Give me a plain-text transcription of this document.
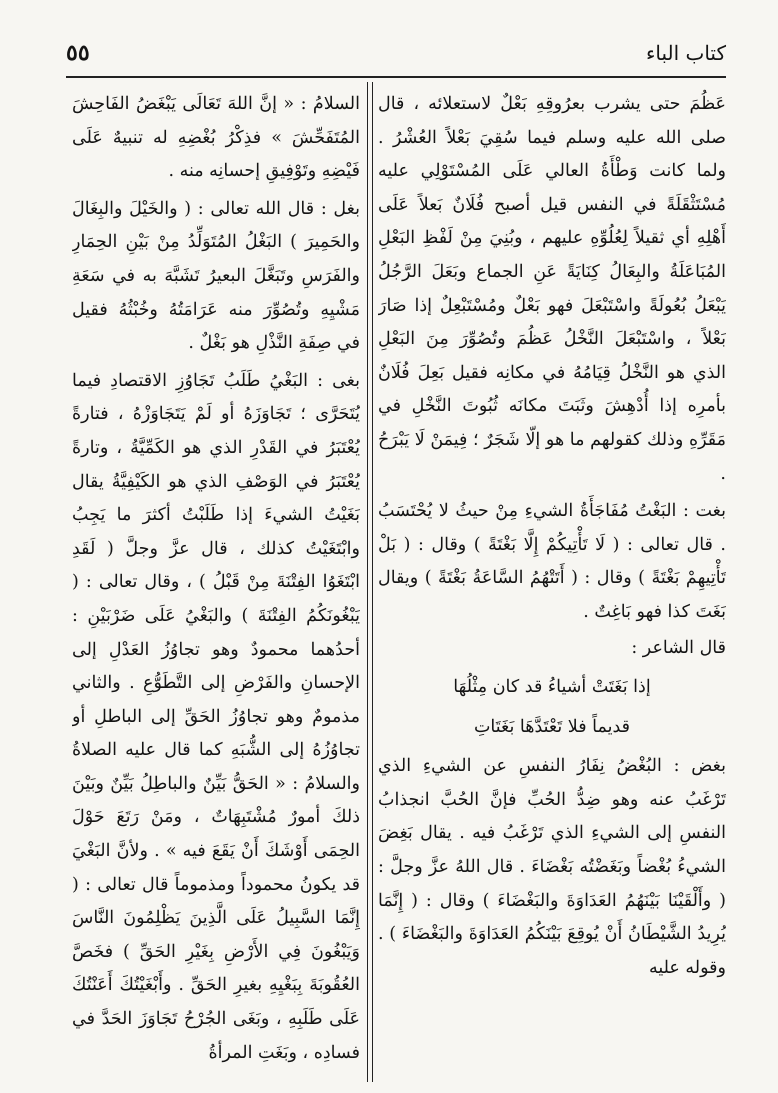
٥٥	كتاب الباء

عَظُمَ حتى يشرب بعرُوقِهِ بَعْلٌ لاستعلائه ، قال صلى الله عليه وسلم فيما سُقِيَ بَعْلاً العُشْرُ . ولما كانت وَطْأَةُ العالي عَلَى المُسْتَوْلِي عليه مُسْتَثْقَلَةً في النفس قيل أصبح فُلَانٌ بَعلاً عَلَى أَهْلِهِ أي ثقيلاً لِعُلُوِّهِ عليهم ، وبُنِيَ مِنْ لَفْظِ البَعْلِ المُبَاعَلَةُ والبِعَالُ كِنَايَةً عَنِ الجماع وبَعَلَ الرَّجُلُ يَبْعَلُ بُعُولَةً واسْتَبْعَلَ فهو بَعْلٌ ومُسْتَبْعِلٌ إذا صَارَ بَعْلاً ، واسْتَبْعَلَ النَّخْلُ عَظُمَ وتُصُوِّرَ مِنَ البَعْلِ الذي هو النَّخْلُ قِيَامُهُ في مكانِه فقيل بَعِلَ فُلَانٌ بأمرِه إذا أُدْهِشَ وثَبَتَ مكانَه ثُبُوتَ النَّخْلِ في مَقَرِّهِ وذلك كقولهم ما هو إلّا شَجَرٌ ؛ فِيمَنْ لَا يَبْرَحُ .

بغت : البَغْتُ مُفَاجَأَةُ الشيءِ مِنْ حيثُ لا يُحْتَسَبُ . قال تعالى : ( لَا تَأْتِيكُمْ إِلَّا بَغْتَةً ) وقال : ( بَلْ تَأْتِيهِمْ بَغْتَةً ) وقال : ( أَتَتْهُمُ السَّاعَةُ بَغْتَةً ) ويقال بَغَتَ كذا فهو بَاغِتٌ .

قال الشاعر :

إذا بَغَتَتْ أشياءُ قد كان مِثْلُهَا

قديماً فلا تَعْتَدَّهَا بَغَتَاتِ

بغض : البُغْضُ نِفَارُ النفسِ عن الشيءِ الذي تَرْغَبُ عنه وهو ضِدُّ الحُبِّ فإنَّ الحُبَّ انجذابُ النفسِ إلى الشيءِ الذي تَرْغَبُ فيه . يقال بَغِضَ الشيءُ بُغْضاً وبَغَضْتُه بَغْضَاءَ . قال اللهُ عزَّ وجلَّ : ( وأَلْقَيْنَا بَيْنَهُمُ العَدَاوَةَ والبَغْضَاءَ ) وقال : ( إِنَّمَا يُرِيدُ الشَّيْطَانُ أَنْ يُوقِعَ بَيْنَكُمُ العَدَاوَةَ والبَغْضَاءَ ) . وقوله عليه

السلامُ : « إنَّ اللهَ تَعَالَى يَبْغَضُ الفَاحِشَ المُتَفَحِّشَ » فذِكْرُ بُغْضِهِ له تنبيهٌ عَلَى فَيْضِهِ وتَوْفِيقِ إحسانِه منه .

بغل : قال الله تعالى : ( والخَيْلَ والبِغَالَ والحَمِيرَ ) البَغْلُ المُتَوَلِّدُ مِنْ بَيْنِ الحِمَارِ والفَرَسِ وتَبَغَّلَ البعيرُ تَشَبَّهَ به في سَعَةِ مَشْيِهِ وتُصُوِّرَ منه عَرَامَتُهُ وخُبْثُهُ فقيل في صِفَةِ النَّذْلِ هو بَغْلٌ .

بغى : البَغْيُ طَلَبُ تَجَاوُزِ الاقتصادِ فيما يُتَحَرَّى ؛ تَجَاوَزَهُ أو لَمْ يَتَجَاوَزْهُ ، فتارةً يُعْتَبَرُ في القَدْرِ الذي هو الكَمِّيَّةُ ، وتارةً يُعْتَبَرُ في الوَصْفِ الذي هو الكَيْفِيَّةُ يقال بَغَيْتُ الشيءَ إذا طَلَبْتُ أكثرَ ما يَجِبُ وابْتَغَيْتُ كذلك ، قال عزَّ وجلَّ ( لَقَدِ ابْتَغَوُا الفِتْنَةَ مِنْ قَبْلُ ) ، وقال تعالى : ( يَبْغُونَكُمُ الفِتْنَةَ ) والبَغْيُ عَلَى ضَرْبَيْنِ : أحدُهما محمودٌ وهو تجاوُزُ العَدْلِ إلى الإحسانِ والفَرْضِ إلى التَّطَوُّعِ . والثاني مذمومٌ وهو تجاوُزُ الحَقِّ إلى الباطلِ أو تجاوُزُهُ إلى الشُّبَهِ كما قال عليه الصلاةُ والسلامُ : « الحَقُّ بَيِّنٌ والباطِلُ بَيِّنٌ وبَيْنَ ذلكَ أمورٌ مُشْتَبِهَاتٌ ، ومَنْ رَتَعَ حَوْلَ الحِمَى أَوْشَكَ أَنْ يَقَعَ فيه » . ولأنَّ البَغْيَ قد يكونُ محموداً ومذموماً قال تعالى : ( إِنَّمَا السَّبِيلُ عَلَى الَّذِينَ يَظْلِمُونَ النَّاسَ وَيَبْغُونَ فِي الأَرْضِ بِغَيْرِ الحَقِّ ) فخَصَّ العُقُوبَةَ بِبَغْيِهِ بغيرِ الحَقِّ . وأَبْغَيْتُكَ أَعَنْتُكَ عَلَى طَلَبِهِ ، وبَغَى الجُرْحُ تَجَاوَزَ الحَدَّ في فسادِه ، وبَغَتِ المرأةُ
